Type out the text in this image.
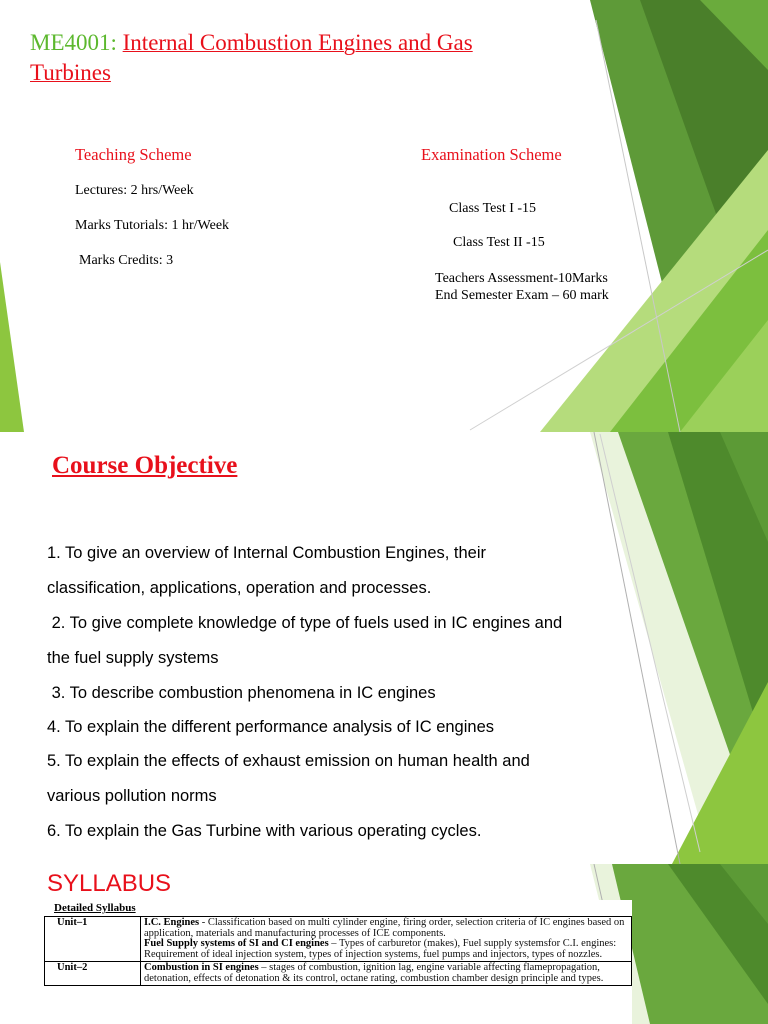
ME4001: Internal Combustion Engines and Gas
Turbines
Teaching Scheme
Lectures: 2 hrs/Week
Marks Tutorials: 1 hr/Week
Marks Credits: 3
Examination Scheme
Class Test I -15
Class Test II -15
Teachers Assessment-10Marks
End Semester Exam – 60 mark
Course Objective
1. To give an overview of Internal Combustion Engines, their
classification, applications, operation and processes.
2. To give complete knowledge of type of fuels used in IC engines and
the fuel supply systems
3. To describe combustion phenomena in IC engines
4. To explain the different performance analysis of IC engines
5. To explain the effects of exhaust emission on human health and
various pollution norms
6. To explain the Gas Turbine with various operating cycles.
SYLLABUS
Detailed Syllabus
Unit–1	I.C. Engines - Classification based on multi cylinder engine, firing order, selection criteria of IC engines based on application, materials and manufacturing processes of ICE components.
Fuel Supply systems of SI and CI engines – Types of carburetor (makes), Fuel supply systemsfor C.I. engines: Requirement of ideal injection system, types of injection systems, fuel pumps and injectors, types of nozzles.
Unit–2	Combustion in SI engines – stages of combustion, ignition lag, engine variable affecting flamepropagation, detonation, effects of detonation & its control, octane rating, combustion chamber design principle and types.
